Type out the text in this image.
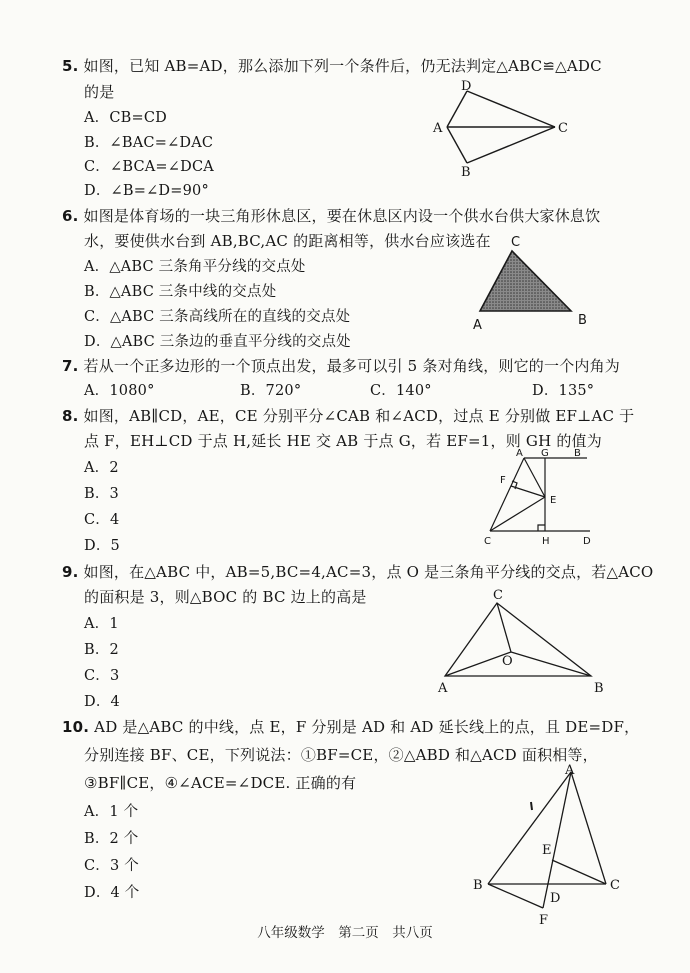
5. 如图，已知 AB=AD，那么添加下列一个条件后，仍无法判定△ABC≌△ADC
的是
A．CB=CD
B．∠BAC=∠DAC
C．∠BCA=∠DCA
D．∠B=∠D=90°
D
A	C
B
6. 如图是体育场的一块三角形休息区，要在休息区内设一个供水台供大家休息饮
水，要使供水台到 AB,BC,AC 的距离相等，供水台应该选在
A．△ABC 三条角平分线的交点处
B．△ABC 三条中线的交点处
C．△ABC 三条高线所在的直线的交点处
D．△ABC 三条边的垂直平分线的交点处
C
A	B
7. 若从一个正多边形的一个顶点出发，最多可以引 5 条对角线，则它的一个内角为
A．1080°	B．720°	C．140°	D．135°
8. 如图，AB∥CD，AE，CE 分别平分∠CAB 和∠ACD，过点 E 分别做 EF⊥AC 于
点 F，EH⊥CD 于点 H,延长 HE 交 AB 于点 G，若 EF=1，则 GH 的值为
A．2
B．3
C．4
D．5
A G	B
F
E
C	H	D
9. 如图，在△ABC 中，AB=5,BC=4,AC=3，点 O 是三条角平分线的交点，若△ACO
的面积是 3，则△BOC 的 BC 边上的高是
A．1
B．2
C．3
D．4
C
O
A	B
10. AD 是△ABC 的中线，点 E，F 分别是 AD 和 AD 延长线上的点，且 DE=DF，
分别连接 BF、CE，下列说法：①BF=CE，②△ABD 和△ACD 面积相等，
③BF∥CE，④∠ACE=∠DCE. 正确的有
A．1 个
B．2 个
C．3 个
D．4 个
A
E
B
D
C
F
八年级数学　第二页　共八页
